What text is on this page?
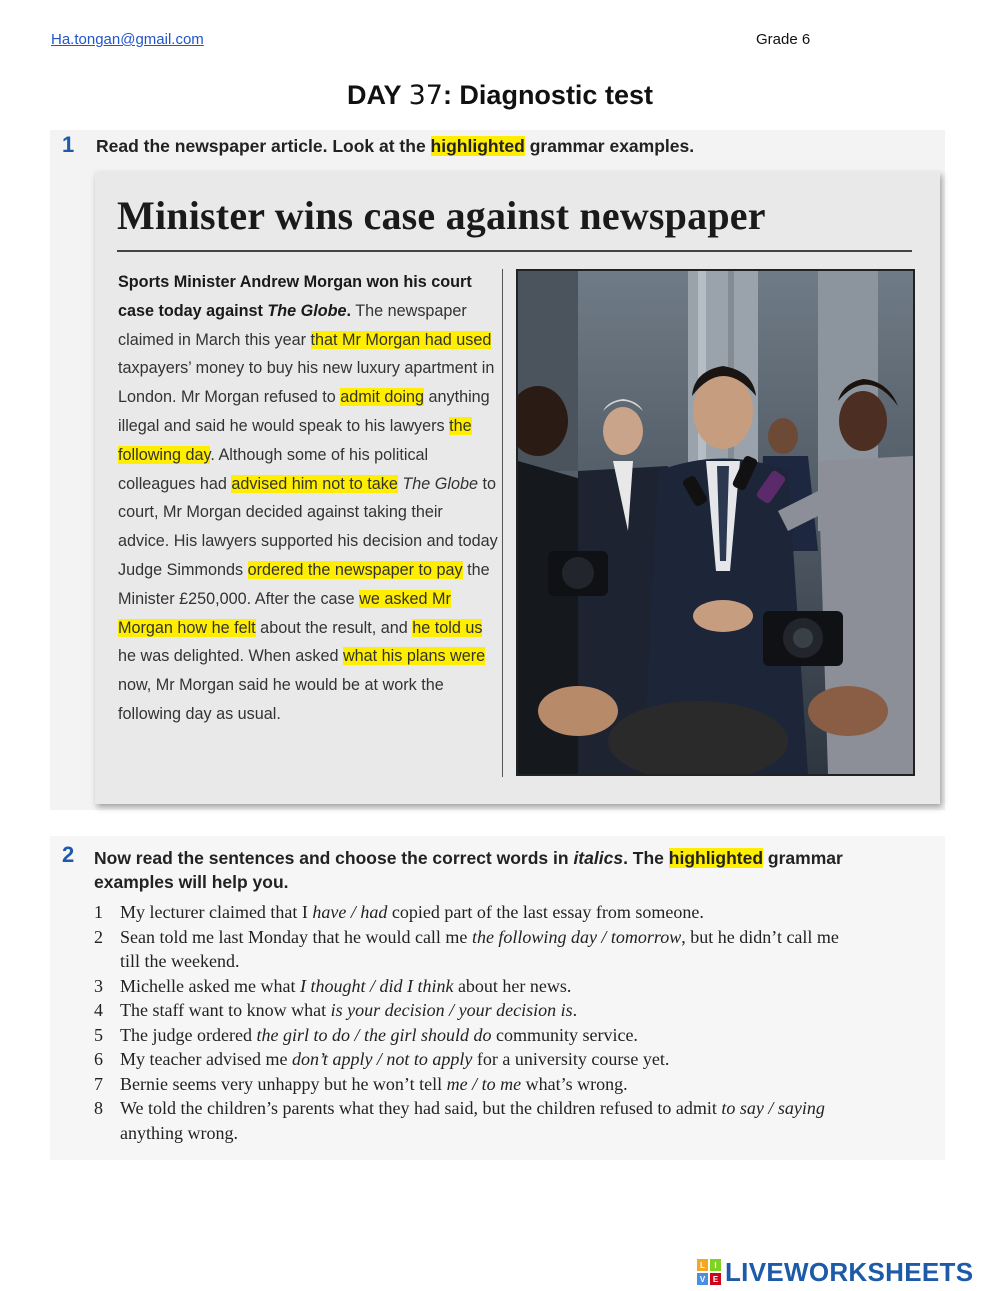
Ha.tongan@gmail.com	Grade 6
DAY 37: Diagnostic test
1 Read the newspaper article. Look at the highlighted grammar examples.
Minister wins case against newspaper
Sports Minister Andrew Morgan won his court case today against The Globe. The newspaper claimed in March this year that Mr Morgan had used taxpayers’ money to buy his new luxury apartment in London. Mr Morgan refused to admit doing anything illegal and said he would speak to his lawyers the following day. Although some of his political colleagues had advised him not to take The Globe to court, Mr Morgan decided against taking their advice. His lawyers supported his decision and today Judge Simmonds ordered the newspaper to pay the Minister £250,000. After the case we asked Mr Morgan how he felt about the result, and he told us he was delighted. When asked what his plans were now, Mr Morgan said he would be at work the following day as usual.
2 Now read the sentences and choose the correct words in italics. The highlighted grammar examples will help you.
1 My lecturer claimed that I have / had copied part of the last essay from someone.
2 Sean told me last Monday that he would call me the following day / tomorrow, but he didn’t call me till the weekend.
3 Michelle asked me what I thought / did I think about her news.
4 The staff want to know what is your decision / your decision is.
5 The judge ordered the girl to do / the girl should do community service.
6 My teacher advised me don’t apply / not to apply for a university course yet.
7 Bernie seems very unhappy but he won’t tell me / to me what’s wrong.
8 We told the children’s parents what they had said, but the children refused to admit to say / saying anything wrong.
L I
V E LIVEWORKSHEETS
